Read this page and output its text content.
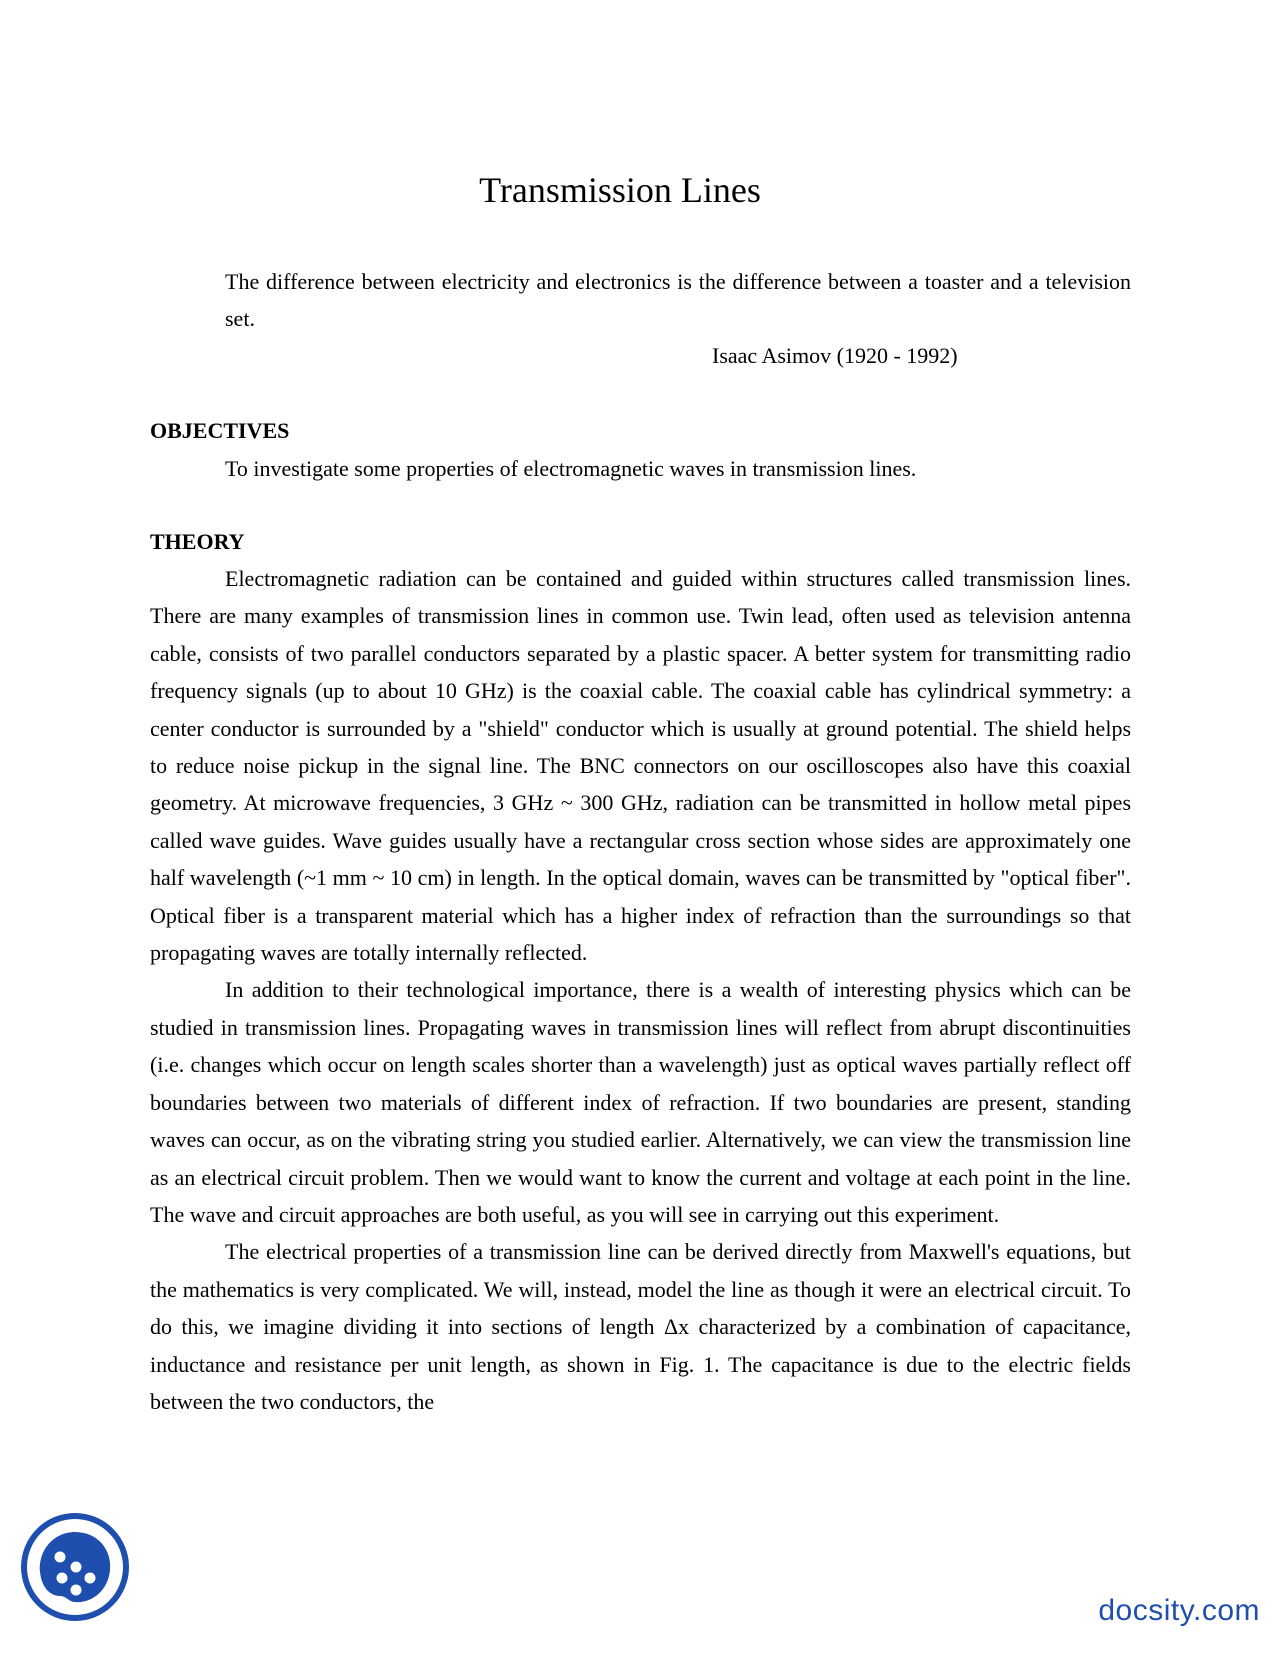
Transmission Lines
The difference between electricity and electronics is the difference between a toaster and a television set.
Isaac Asimov (1920 - 1992)
OBJECTIVES
To investigate some properties of electromagnetic waves in transmission lines.
THEORY

Electromagnetic radiation can be contained and guided within structures called transmission lines. There are many examples of transmission lines in common use. Twin lead, often used as television antenna cable, consists of two parallel conductors separated by a plastic spacer. A better system for transmitting radio frequency signals (up to about 10 GHz) is the coaxial cable. The coaxial cable has cylindrical symmetry: a center conductor is surrounded by a "shield" conductor which is usually at ground potential. The shield helps to reduce noise pickup in the signal line. The BNC connectors on our oscilloscopes also have this coaxial geometry. At microwave frequencies, 3 GHz ~ 300 GHz, radiation can be transmitted in hollow metal pipes called wave guides. Wave guides usually have a rectangular cross section whose sides are approximately one half wavelength (~1 mm ~ 10 cm) in length. In the optical domain, waves can be transmitted by "optical fiber". Optical fiber is a transparent material which has a higher index of refraction than the surroundings so that propagating waves are totally internally reflected.

In addition to their technological importance, there is a wealth of interesting physics which can be studied in transmission lines. Propagating waves in transmission lines will reflect from abrupt discontinuities (i.e. changes which occur on length scales shorter than a wavelength) just as optical waves partially reflect off boundaries between two materials of different index of refraction. If two boundaries are present, standing waves can occur, as on the vibrating string you studied earlier. Alternatively, we can view the transmission line as an electrical circuit problem. Then we would want to know the current and voltage at each point in the line. The wave and circuit approaches are both useful, as you will see in carrying out this experiment.

The electrical properties of a transmission line can be derived directly from Maxwell's equations, but the mathematics is very complicated. We will, instead, model the line as though it were an electrical circuit. To do this, we imagine dividing it into sections of length Δx characterized by a combination of capacitance, inductance and resistance per unit length, as shown in Fig. 1. The capacitance is due to the electric fields between the two conductors, the

docsity.com
